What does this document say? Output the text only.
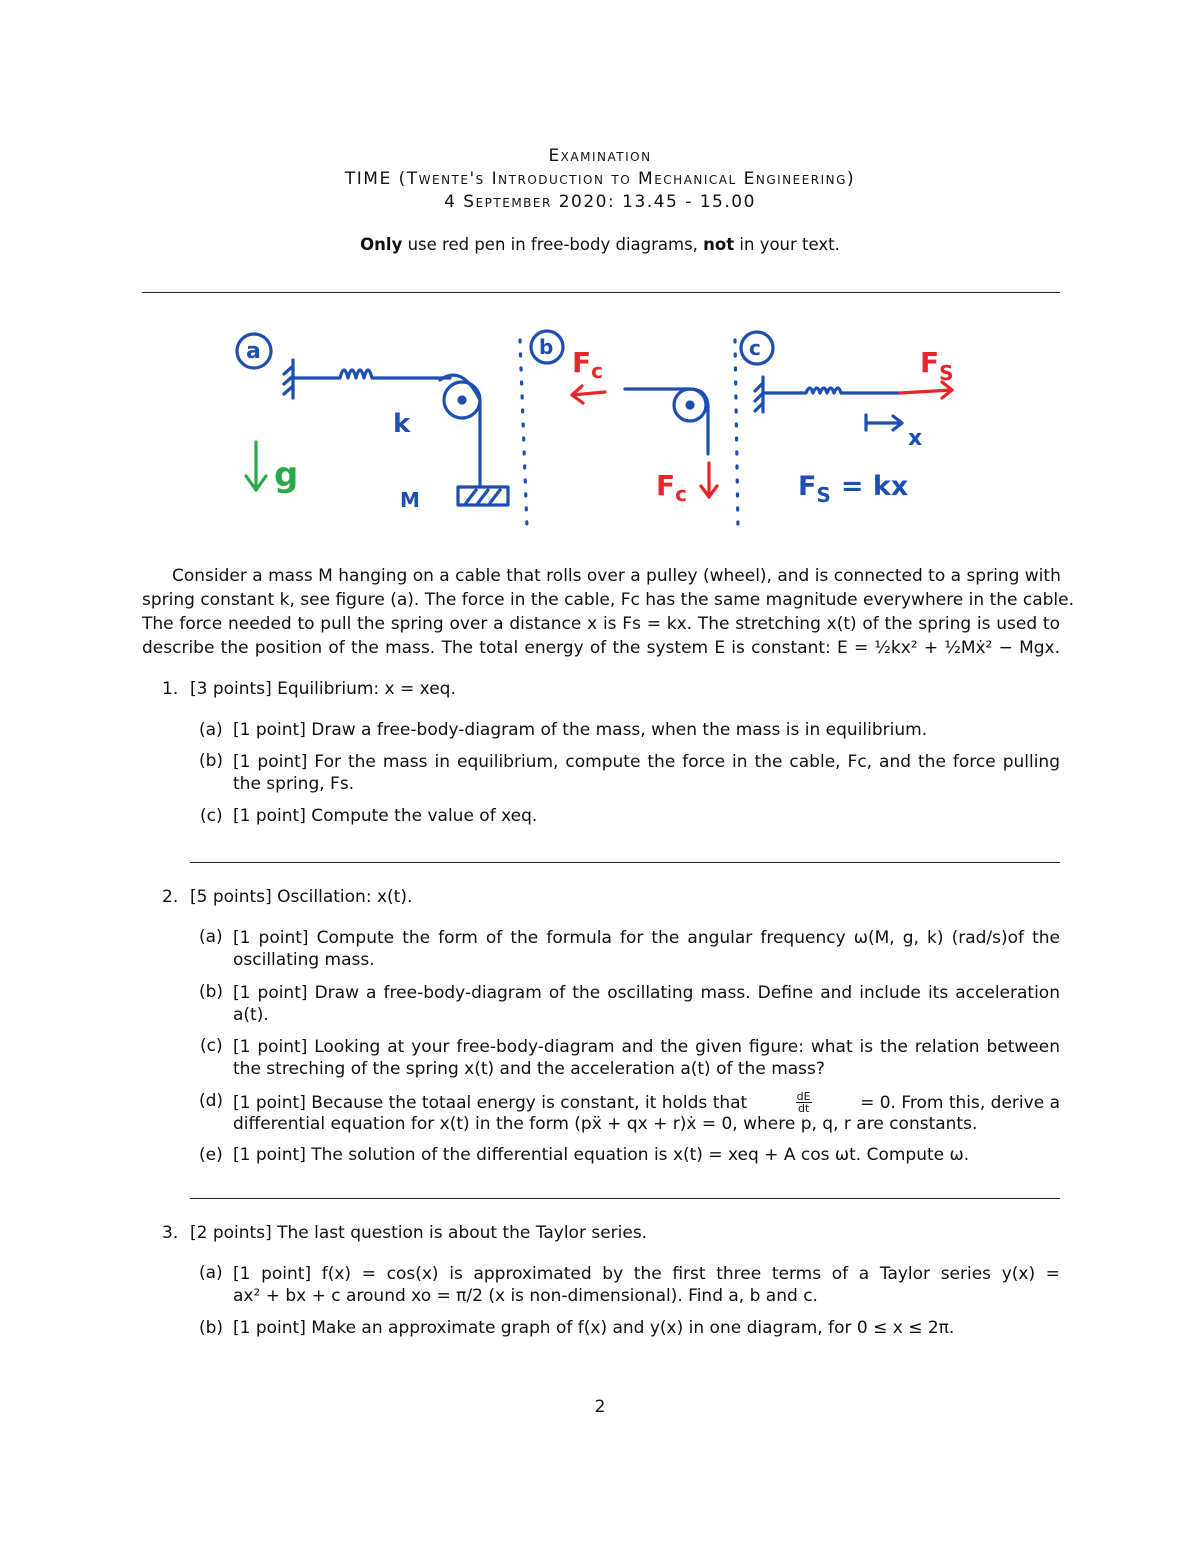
Examination
TIME (Twente's Introduction to Mechanical Engineering)
4 September 2020: 13.45 - 15.00
Only use red pen in free-body diagrams, not in your text.
a
k
M
g
b $F_c$
$F_c$
c
x
$F_S$
$F_S$ = kx
Consider a mass M hanging on a cable that rolls over a pulley (wheel), and is connected to a spring with
spring constant k, see figure (a). The force in the cable, Fc has the same magnitude everywhere in the cable.
The force needed to pull the spring over a distance x is Fs = kx. The stretching x(t) of the spring is used to
describe the position of the mass. The total energy of the system E is constant: E = ½kx² + ½Mẋ² − Mgx.
1. [3 points] Equilibrium: x = xeq.
(a) [1 point] Draw a free-body-diagram of the mass, when the mass is in equilibrium.
(b) [1 point] For the mass in equilibrium, compute the force in the cable, Fc, and the force pulling
the spring, Fs.
(c) [1 point] Compute the value of xeq.
2. [5 points] Oscillation: x(t).
(a) [1 point] Compute the form of the formula for the angular frequency ω(M, g, k) (rad/s)of the
oscillating mass.
(b) [1 point] Draw a free-body-diagram of the oscillating mass. Define and include its acceleration
a(t).
(c) [1 point] Looking at your free-body-diagram and the given figure: what is the relation between
the streching of the spring x(t) and the acceleration a(t) of the mass?
(d) [1 point] Because the totaal energy is constant, it holds that	$\frac{dE}{dt}$	= 0. From this, derive a
differential equation for x(t) in the form (pẍ + qx + r)ẋ = 0, where p, q, r are constants.
(e) [1 point] The solution of the differential equation is x(t) = xeq + A cos ωt. Compute ω.
3. [2 points] The last question is about the Taylor series.
(a) [1 point] f(x) = cos(x) is approximated by the first three terms of a Taylor series y(x) =
ax² + bx + c around xo = π/2 (x is non-dimensional). Find a, b and c.
(b) [1 point] Make an approximate graph of f(x) and y(x) in one diagram, for 0 ≤ x ≤ 2π.
2
